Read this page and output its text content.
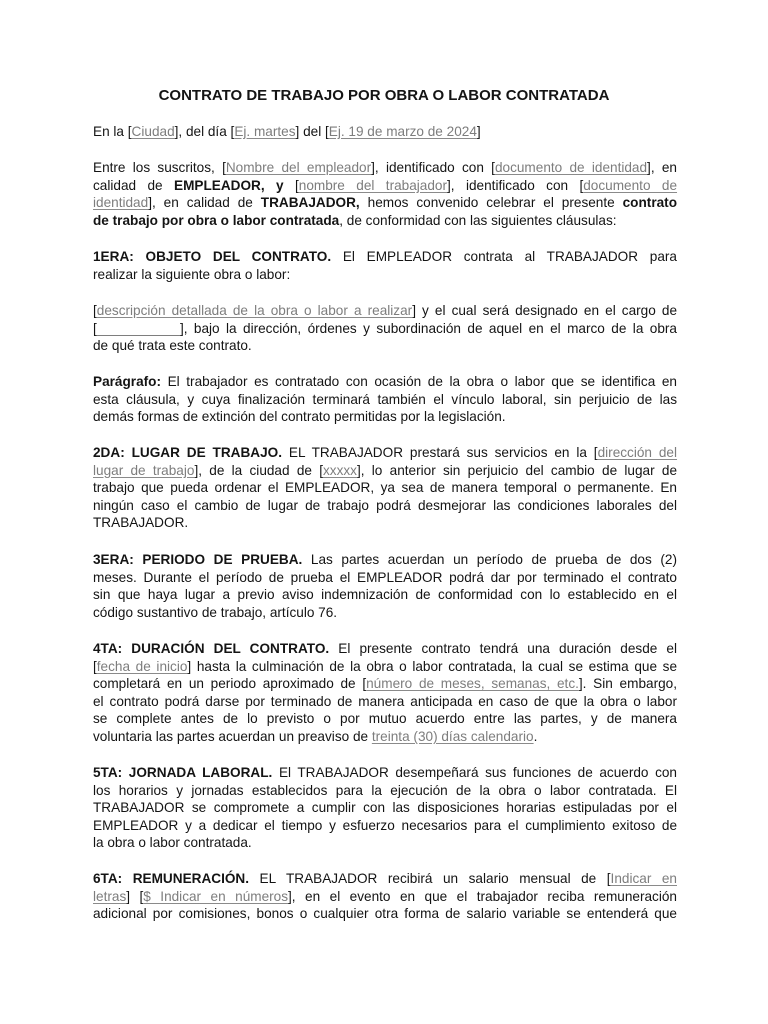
CONTRATO DE TRABAJO POR OBRA O LABOR CONTRATADA
En la [Ciudad], del día [Ej. martes] del [Ej. 19 de marzo de 2024]
Entre los suscritos, [Nombre del empleador], identificado con [documento de identidad], en
calidad de EMPLEADOR, y [nombre del trabajador], identificado con [documento de
identidad], en calidad de TRABAJADOR, hemos convenido celebrar el presente contrato
de trabajo por obra o labor contratada, de conformidad con las siguientes cláusulas:
1ERA: OBJETO DEL CONTRATO. El EMPLEADOR contrata al TRABAJADOR para
realizar la siguiente obra o labor:
[descripción detallada de la obra o labor a realizar] y el cual será designado en el cargo de
[___________], bajo la dirección, órdenes y subordinación de aquel en el marco de la obra
de qué trata este contrato.
Parágrafo: El trabajador es contratado con ocasión de la obra o labor que se identifica en
esta cláusula, y cuya finalización terminará también el vínculo laboral, sin perjuicio de las
demás formas de extinción del contrato permitidas por la legislación.
2DA: LUGAR DE TRABAJO. EL TRABAJADOR prestará sus servicios en la [dirección del
lugar de trabajo], de la ciudad de [xxxxx], lo anterior sin perjuicio del cambio de lugar de
trabajo que pueda ordenar el EMPLEADOR, ya sea de manera temporal o permanente. En
ningún caso el cambio de lugar de trabajo podrá desmejorar las condiciones laborales del
TRABAJADOR.
3ERA: PERIODO DE PRUEBA. Las partes acuerdan un período de prueba de dos (2)
meses. Durante el período de prueba el EMPLEADOR podrá dar por terminado el contrato
sin que haya lugar a previo aviso indemnización de conformidad con lo establecido en el
código sustantivo de trabajo, artículo 76.
4TA: DURACIÓN DEL CONTRATO. El presente contrato tendrá una duración desde el
[fecha de inicio] hasta la culminación de la obra o labor contratada, la cual se estima que se
completará en un periodo aproximado de [número de meses, semanas, etc.]. Sin embargo,
el contrato podrá darse por terminado de manera anticipada en caso de que la obra o labor
se complete antes de lo previsto o por mutuo acuerdo entre las partes, y de manera
voluntaria las partes acuerdan un preaviso de treinta (30) días calendario.
5TA: JORNADA LABORAL. El TRABAJADOR desempeñará sus funciones de acuerdo con
los horarios y jornadas establecidos para la ejecución de la obra o labor contratada. El
TRABAJADOR se compromete a cumplir con las disposiciones horarias estipuladas por el
EMPLEADOR y a dedicar el tiempo y esfuerzo necesarios para el cumplimiento exitoso de
la obra o labor contratada.
6TA: REMUNERACIÓN. EL TRABAJADOR recibirá un salario mensual de [Indicar en
letras] [$ Indicar en números], en el evento en que el trabajador reciba remuneración
adicional por comisiones, bonos o cualquier otra forma de salario variable se entenderá que
